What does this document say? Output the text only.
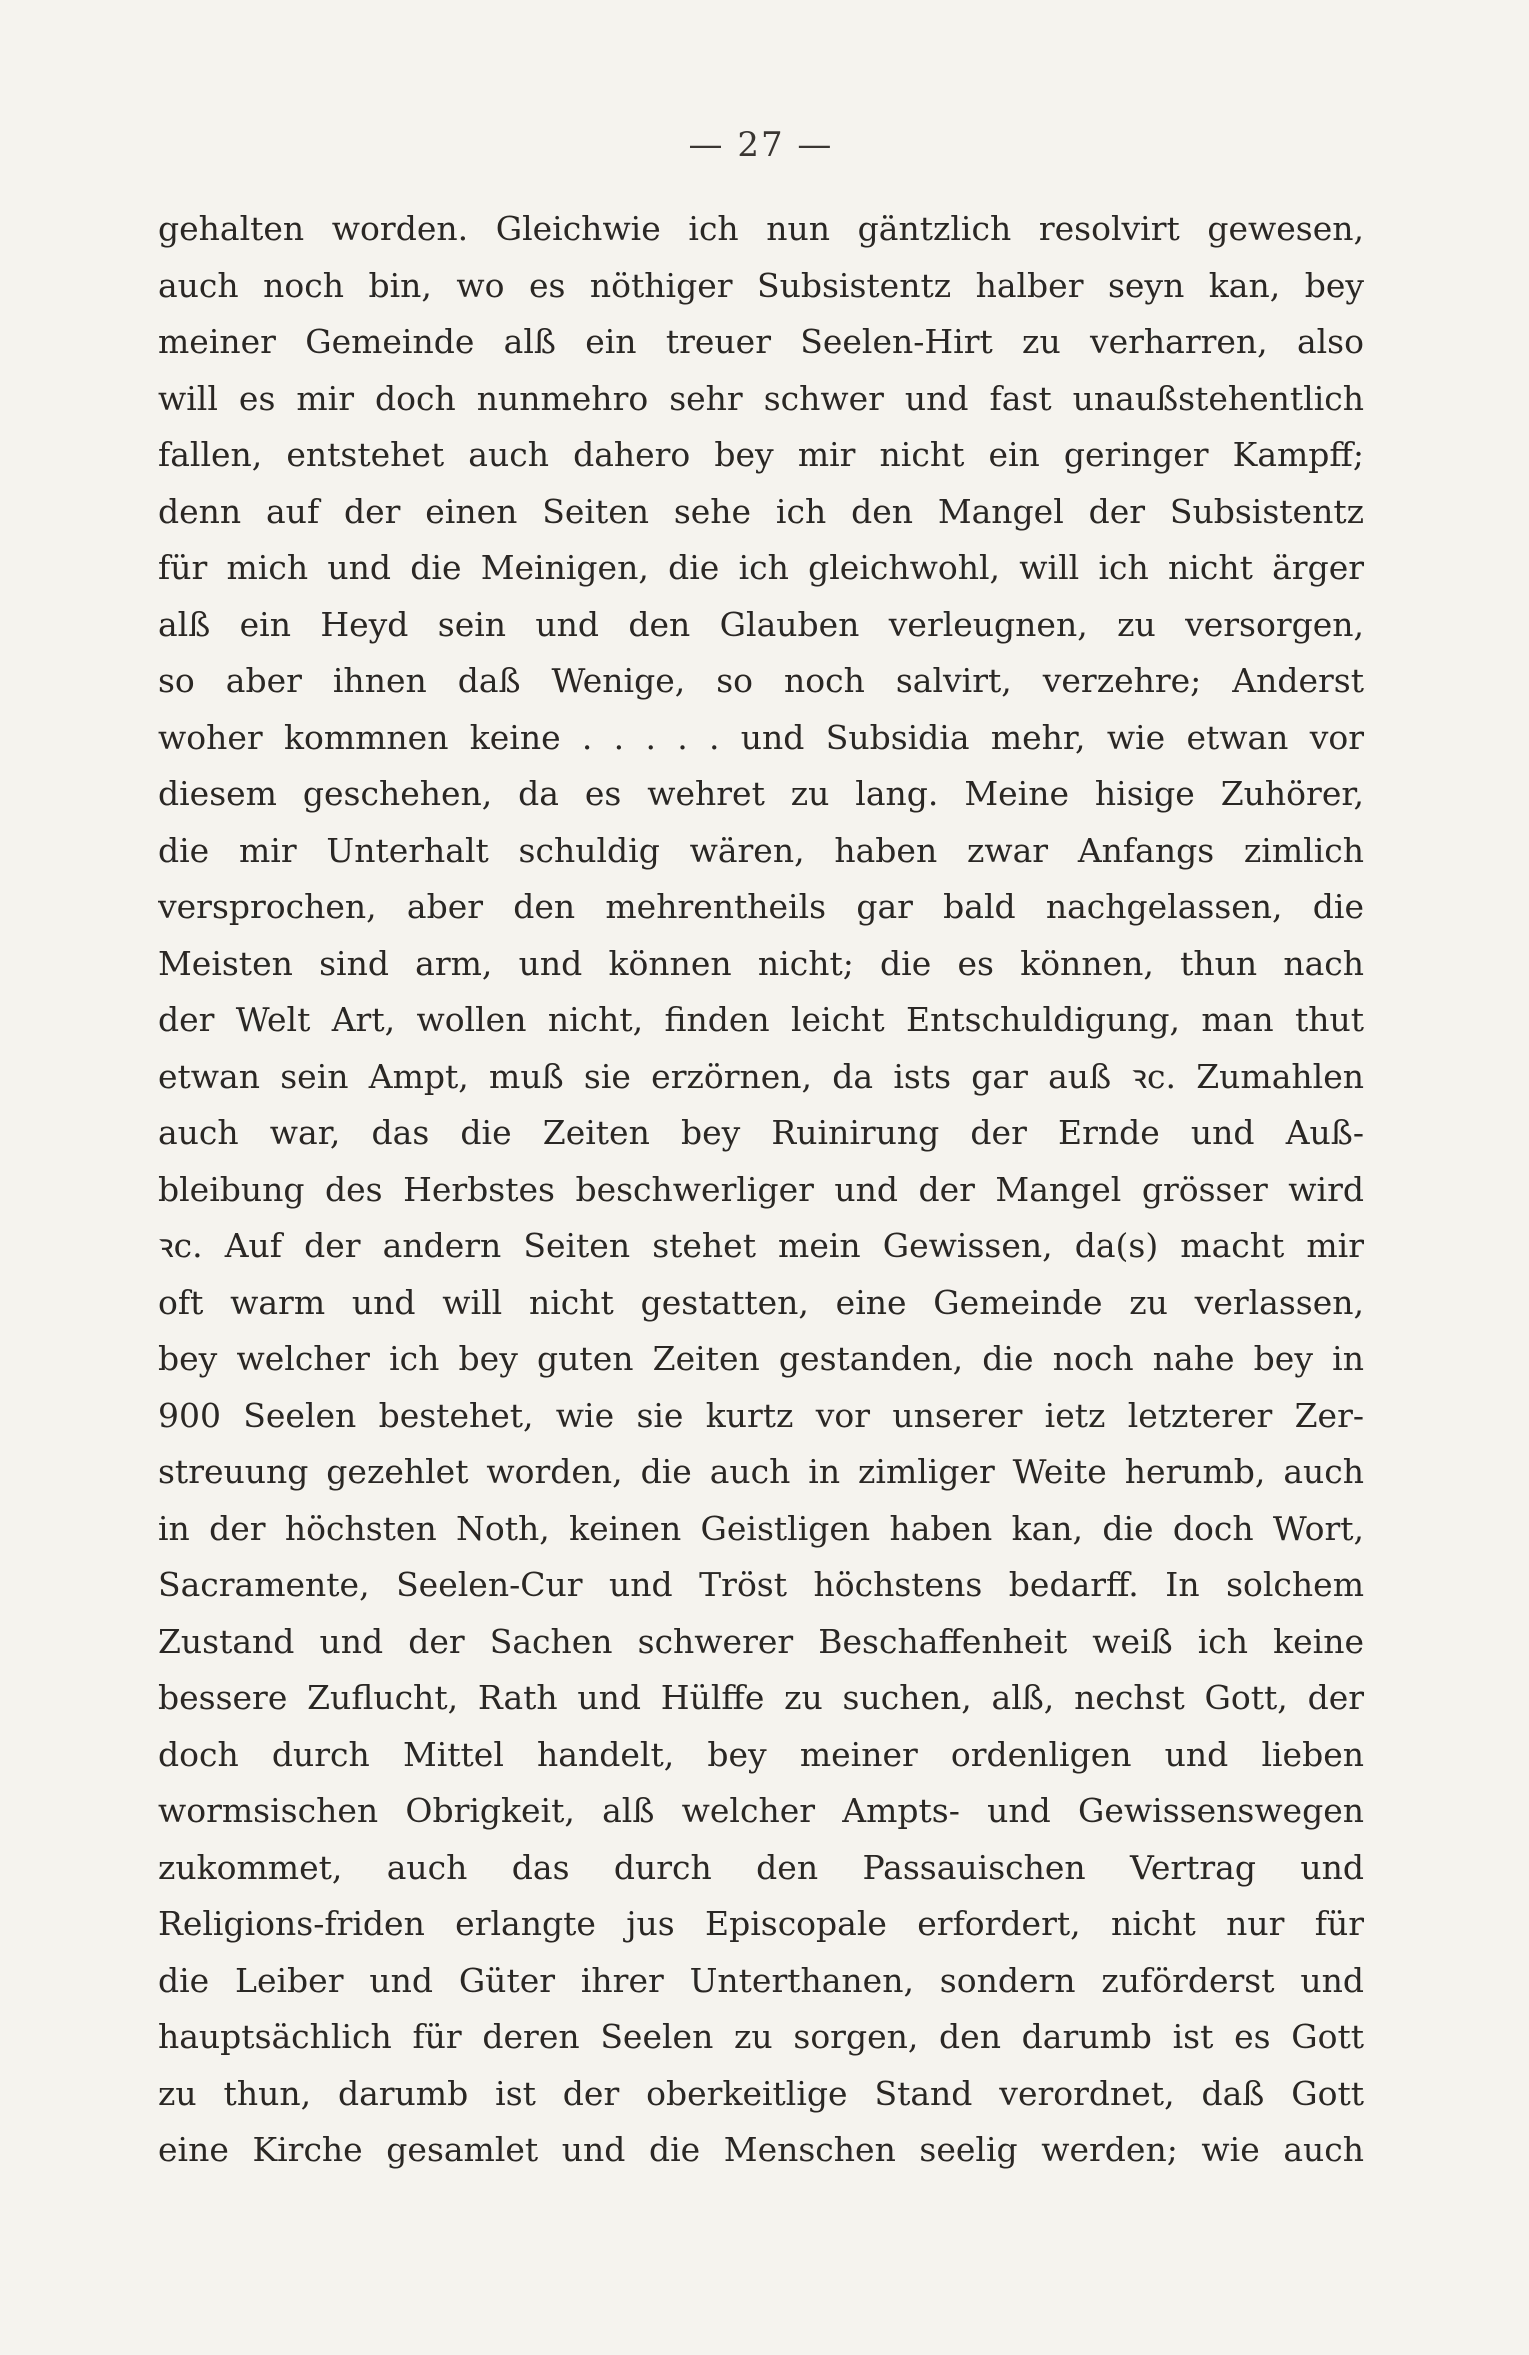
— 27 —
gehalten worden. Gleichwie ich nun gäntzlich resolvirt gewesen,
auch noch bin, wo es nöthiger Subsistentz halber seyn kan, bey
meiner Gemeinde alß ein treuer Seelen-Hirt zu verharren, also
will es mir doch nunmehro sehr schwer und fast unaußstehentlich
fallen, entstehet auch dahero bey mir nicht ein geringer Kampff;
denn auf der einen Seiten sehe ich den Mangel der Subsistentz
für mich und die Meinigen, die ich gleichwohl, will ich nicht ärger
alß ein Heyd sein und den Glauben verleugnen, zu versorgen,
so aber ihnen daß Wenige, so noch salvirt, verzehre; Anderst
woher kommnen keine . . . . . und Subsidia mehr, wie etwan vor
diesem geschehen, da es wehret zu lang. Meine hisige Zuhörer,
die mir Unterhalt schuldig wären, haben zwar Anfangs zimlich
versprochen, aber den mehrentheils gar bald nachgelassen, die
Meisten sind arm, und können nicht; die es können, thun nach
der Welt Art, wollen nicht, finden leicht Entschuldigung, man thut
etwan sein Ampt, muß sie erzörnen, da ists gar auß ꝛc. Zumahlen
auch war, das die Zeiten bey Ruinirung der Ernde und Auß-
bleibung des Herbstes beschwerliger und der Mangel grösser wird
ꝛc. Auf der andern Seiten stehet mein Gewissen, da(s) macht mir
oft warm und will nicht gestatten, eine Gemeinde zu verlassen,
bey welcher ich bey guten Zeiten gestanden, die noch nahe bey in
900 Seelen bestehet, wie sie kurtz vor unserer ietz letzterer Zer-
streuung gezehlet worden, die auch in zimliger Weite herumb, auch
in der höchsten Noth, keinen Geistligen haben kan, die doch Wort,
Sacramente, Seelen-Cur und Tröst höchstens bedarff. In solchem
Zustand und der Sachen schwerer Beschaffenheit weiß ich keine
bessere Zuflucht, Rath und Hülffe zu suchen, alß, nechst Gott, der
doch durch Mittel handelt, bey meiner ordenligen und lieben
wormsischen Obrigkeit, alß welcher Ampts- und Gewissenswegen
zukommet, auch das durch den Passauischen Vertrag und
Religions-friden erlangte jus Episcopale erfordert, nicht nur für
die Leiber und Güter ihrer Unterthanen, sondern zuförderst und
hauptsächlich für deren Seelen zu sorgen, den darumb ist es Gott
zu thun, darumb ist der oberkeitlige Stand verordnet, daß Gott
eine Kirche gesamlet und die Menschen seelig werden; wie auch
